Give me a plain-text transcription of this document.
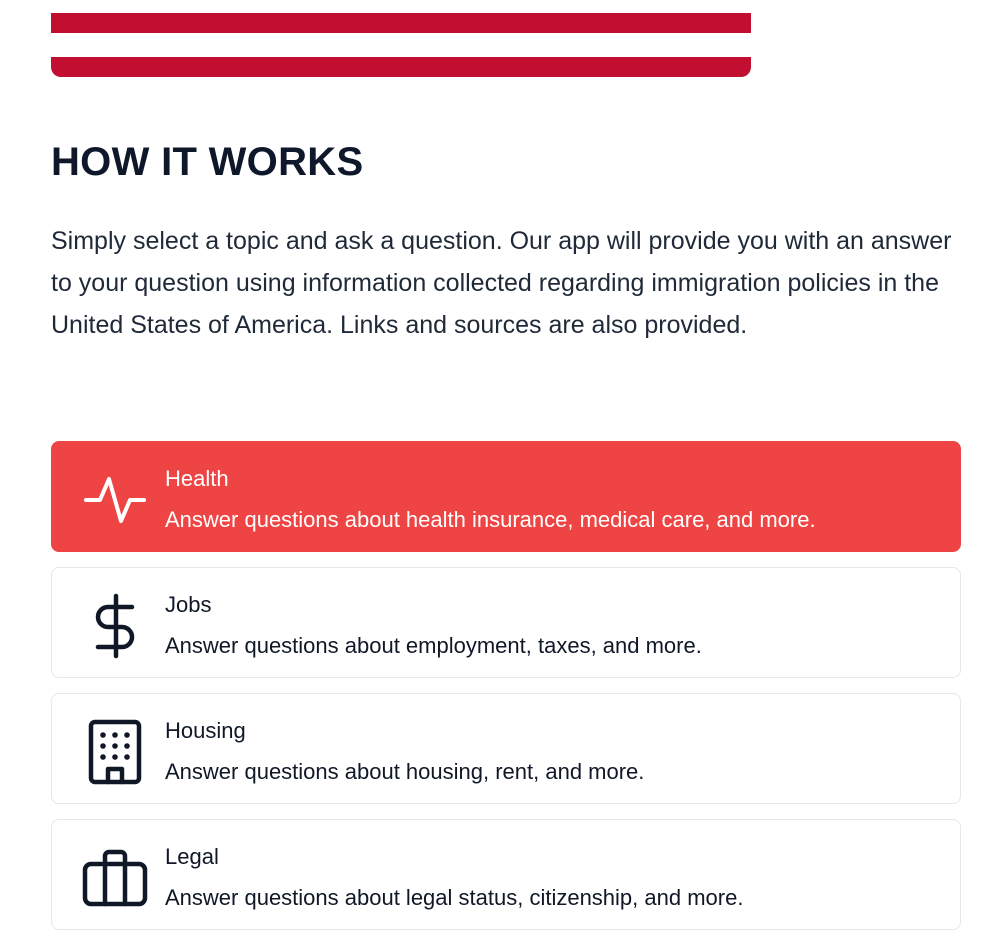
HOW IT WORKS

Simply select a topic and ask a question. Our app will provide you with an answer to your question using information collected regarding immigration policies in the United States of America. Links and sources are also provided.

Health
Answer questions about health insurance, medical care, and more.
Jobs
Answer questions about employment, taxes, and more.
Housing
Answer questions about housing, rent, and more.
Legal
Answer questions about legal status, citizenship, and more.
